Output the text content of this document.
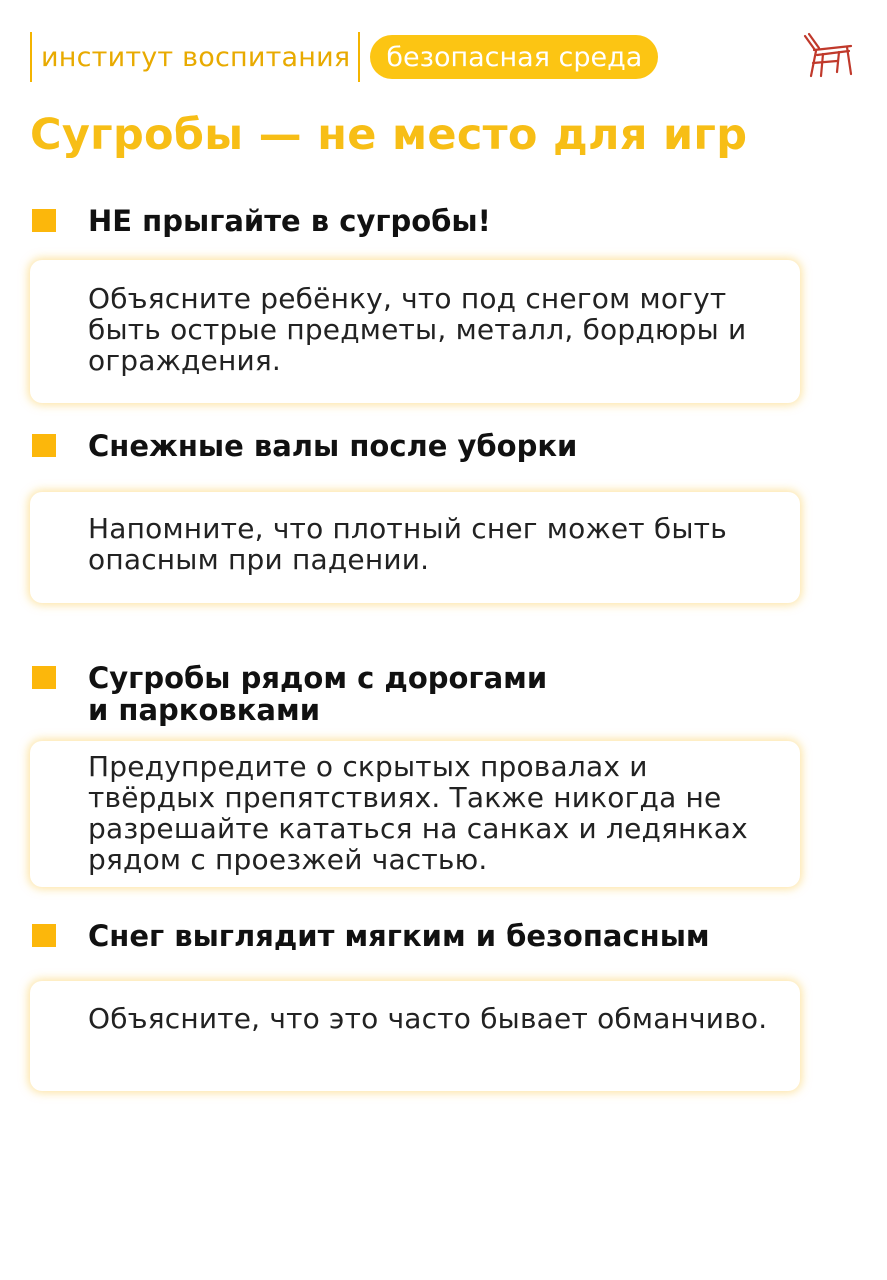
институт воспитания	безопасная среда
Сугробы — не место для игр
НЕ прыгайте в сугробы!
Объясните ребёнку, что под снегом могут быть острые предметы, металл, бордюры и ограждения.
Снежные валы после уборки
Напомните, что плотный снег может быть опасным при падении.
Сугробы рядом с дорогами
и парковками
Предупредите о скрытых провалах и твёрдых препятствиях. Также никогда не разрешайте кататься на санках и ледянках рядом с проезжей частью.
Снег выглядит мягким и безопасным
Объясните, что это часто бывает обманчиво.
